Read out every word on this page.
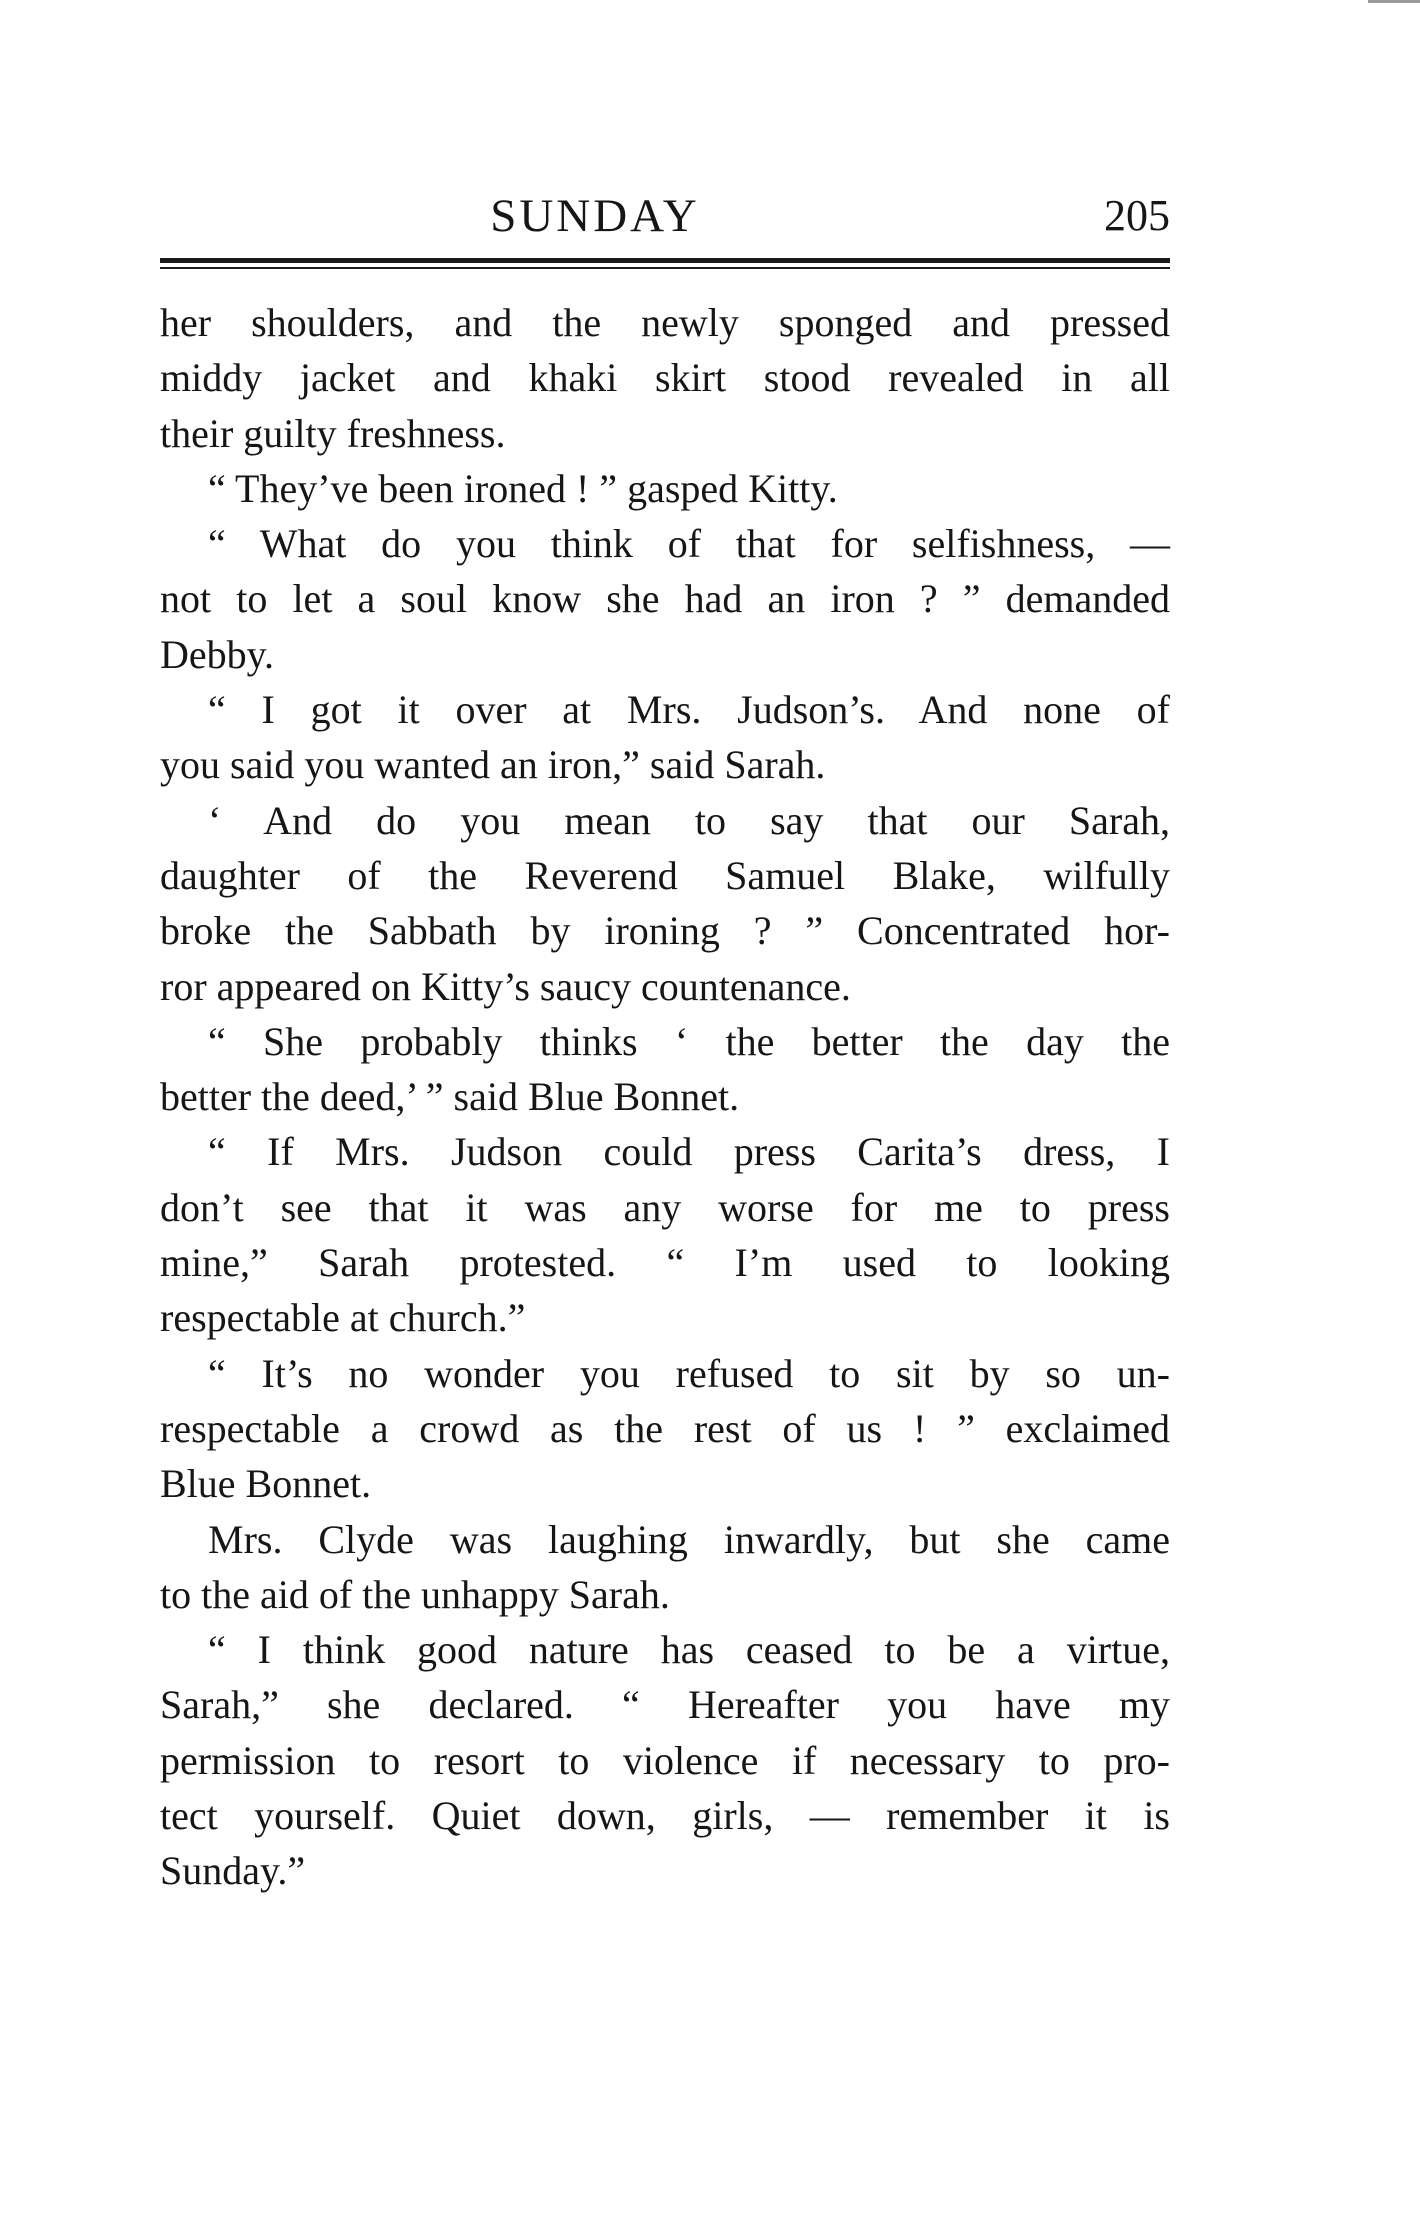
SUNDAY	205
her shoulders, and the newly sponged and pressed
middy jacket and khaki skirt stood revealed in all
their guilty freshness.
“ They’ve been ironed ! ” gasped Kitty.
“ What do you think of that for selfishness, —
not to let a soul know she had an iron ? ” demanded
Debby.
“ I got it over at Mrs. Judson’s. And none of
you said you wanted an iron,” said Sarah.
‘ And do you mean to say that our Sarah,
daughter of the Reverend Samuel Blake, wilfully
broke the Sabbath by ironing ? ” Concentrated hor-
ror appeared on Kitty’s saucy countenance.
“ She probably thinks ‘ the better the day the
better the deed,’ ” said Blue Bonnet.
“ If Mrs. Judson could press Carita’s dress, I
don’t see that it was any worse for me to press
mine,” Sarah protested. “ I’m used to looking
respectable at church.”
“ It’s no wonder you refused to sit by so un-
respectable a crowd as the rest of us ! ” exclaimed
Blue Bonnet.
Mrs. Clyde was laughing inwardly, but she came
to the aid of the unhappy Sarah.
“ I think good nature has ceased to be a virtue,
Sarah,” she declared. “ Hereafter you have my
permission to resort to violence if necessary to pro-
tect yourself. Quiet down, girls, — remember it is
Sunday.”
